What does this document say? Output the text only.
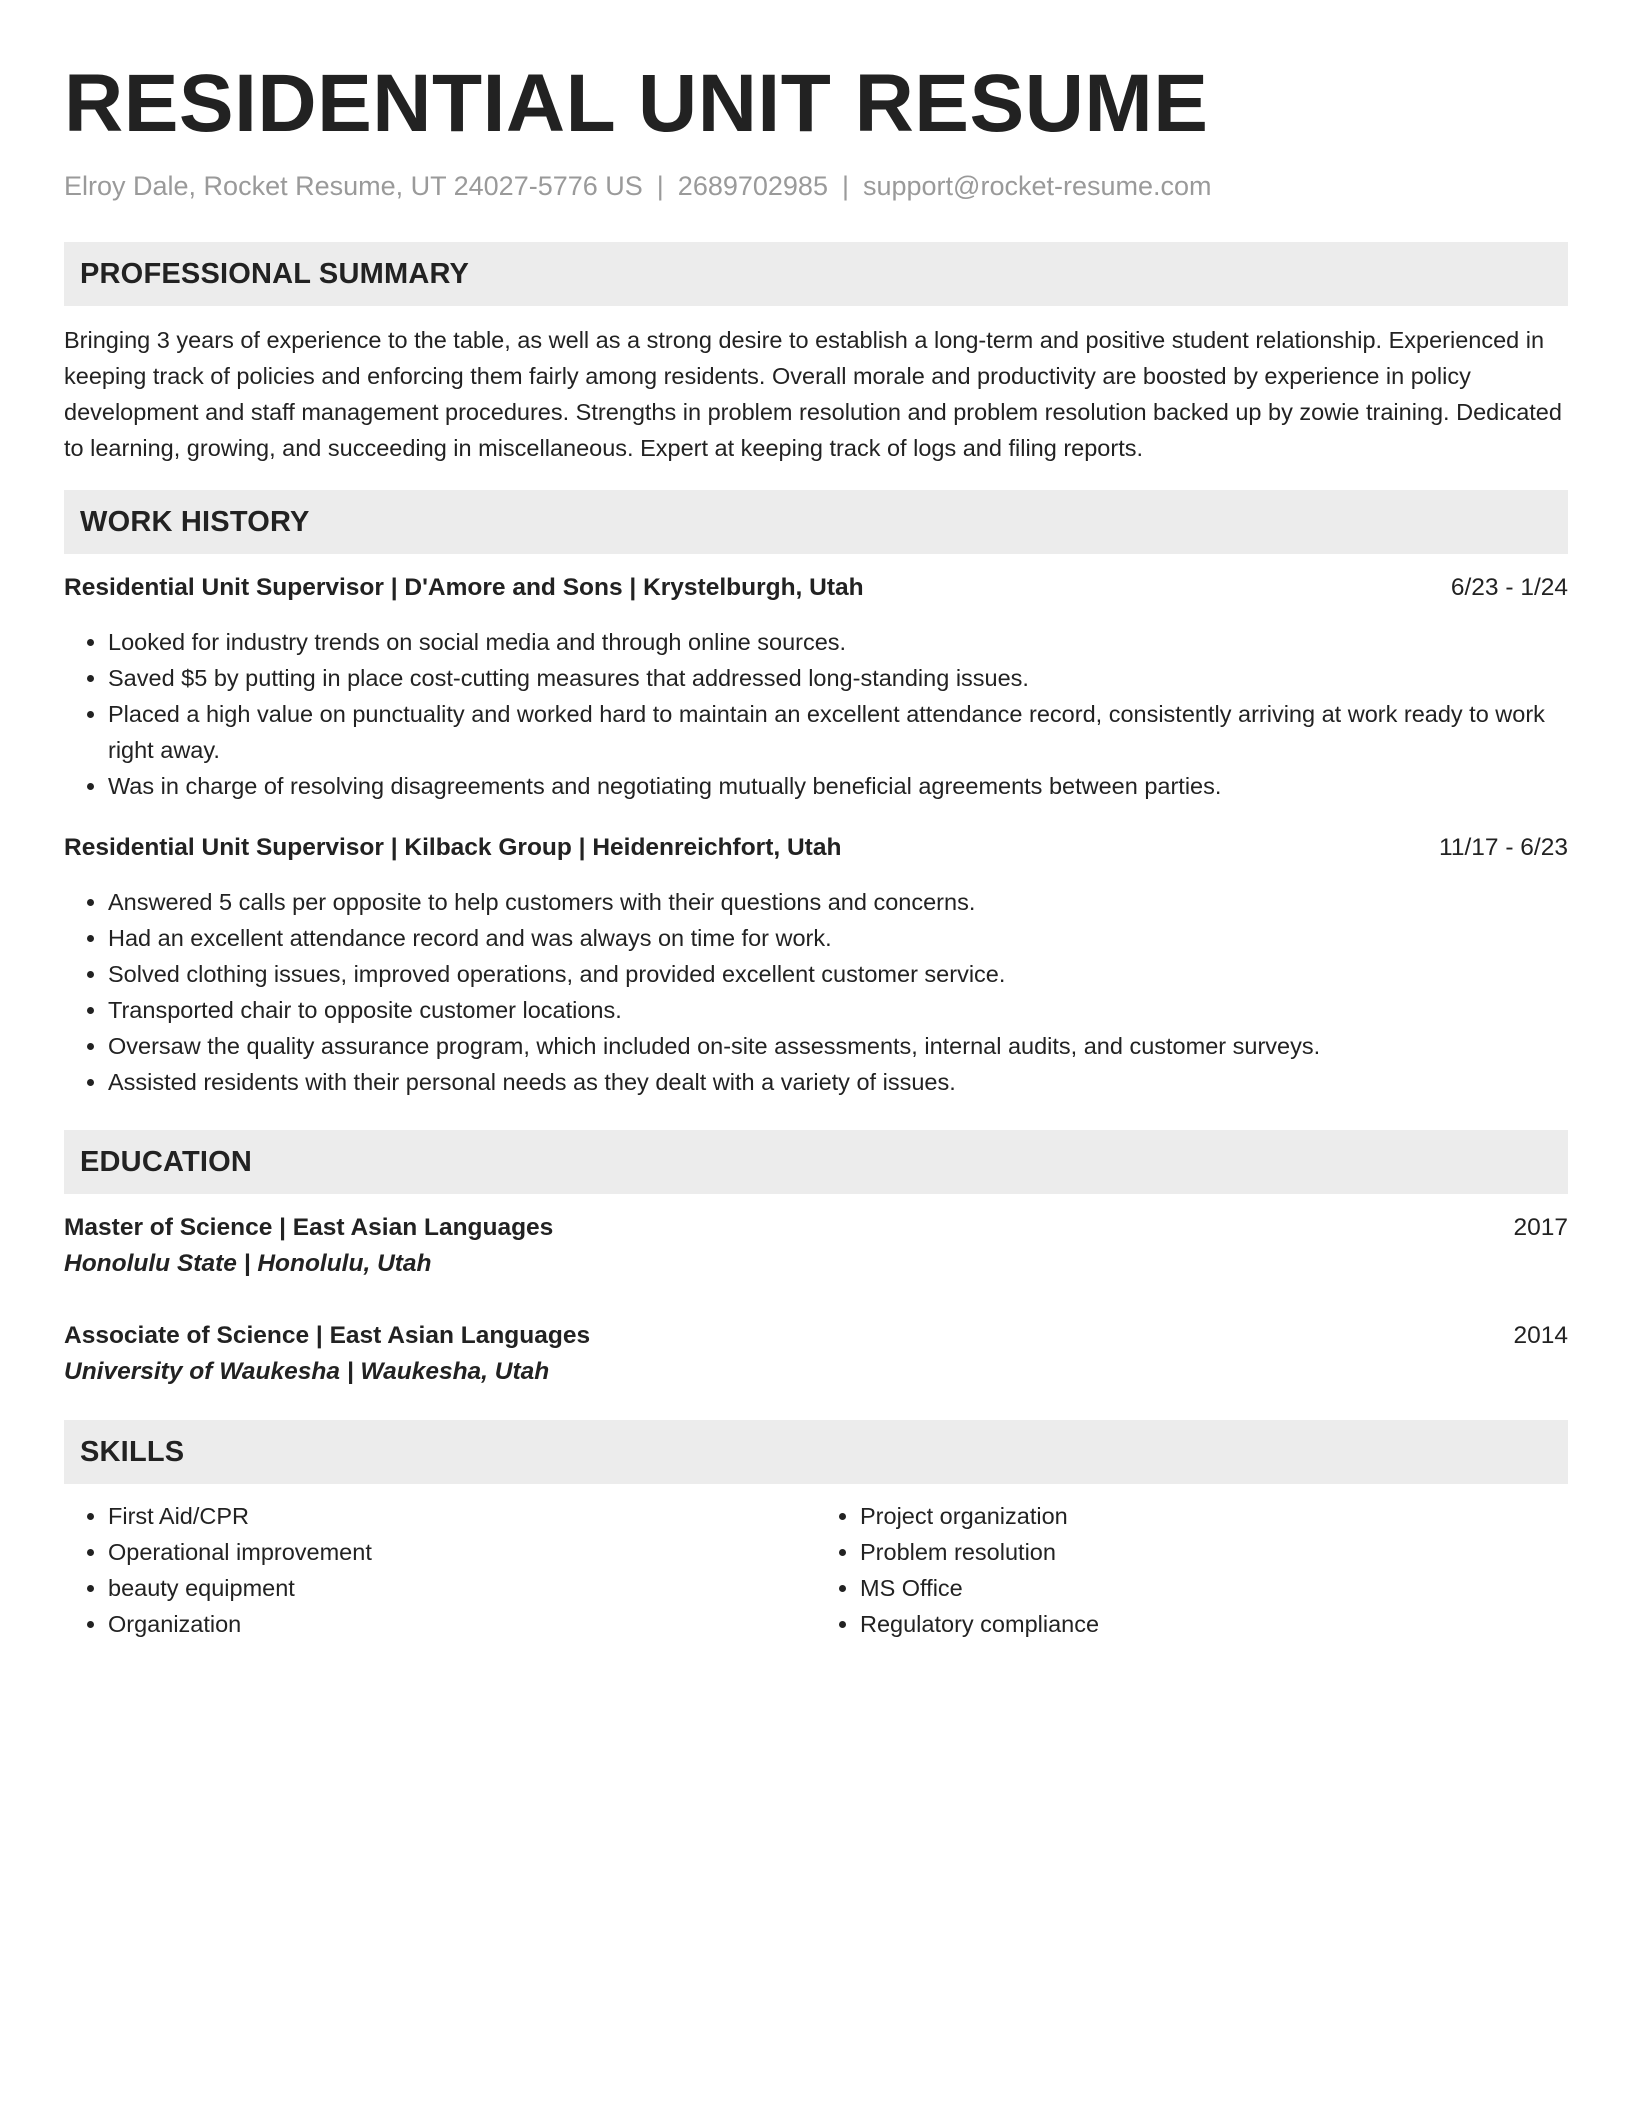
RESIDENTIAL UNIT RESUME
Elroy Dale, Rocket Resume, UT 24027-5776 US | 2689702985 | support@rocket-resume.com
PROFESSIONAL SUMMARY

Bringing 3 years of experience to the table, as well as a strong desire to establish a long-term and positive student relationship. Experienced in keeping track of policies and enforcing them fairly among residents. Overall morale and productivity are boosted by experience in policy development and staff management procedures. Strengths in problem resolution and problem resolution backed up by zowie training. Dedicated to learning, growing, and succeeding in miscellaneous. Expert at keeping track of logs and filing reports.

WORK HISTORY
Residential Unit Supervisor | D'Amore and Sons | Krystelburgh, Utah	6/23 - 1/24
• Looked for industry trends on social media and through online sources.
• Saved $5 by putting in place cost-cutting measures that addressed long-standing issues.
• Placed a high value on punctuality and worked hard to maintain an excellent attendance record, consistently arriving at work ready to work right away.
• Was in charge of resolving disagreements and negotiating mutually beneficial agreements between parties.
Residential Unit Supervisor | Kilback Group | Heidenreichfort, Utah	11/17 - 6/23
• Answered 5 calls per opposite to help customers with their questions and concerns.
• Had an excellent attendance record and was always on time for work.
• Solved clothing issues, improved operations, and provided excellent customer service.
• Transported chair to opposite customer locations.
• Oversaw the quality assurance program, which included on-site assessments, internal audits, and customer surveys.
• Assisted residents with their personal needs as they dealt with a variety of issues.
EDUCATION
Master of Science | East Asian Languages	2017
Honolulu State | Honolulu, Utah
Associate of Science | East Asian Languages	2014
University of Waukesha | Waukesha, Utah
SKILLS
• First Aid/CPR
• Operational improvement
• beauty equipment
• Organization
• Project organization
• Problem resolution
• MS Office
• Regulatory compliance
